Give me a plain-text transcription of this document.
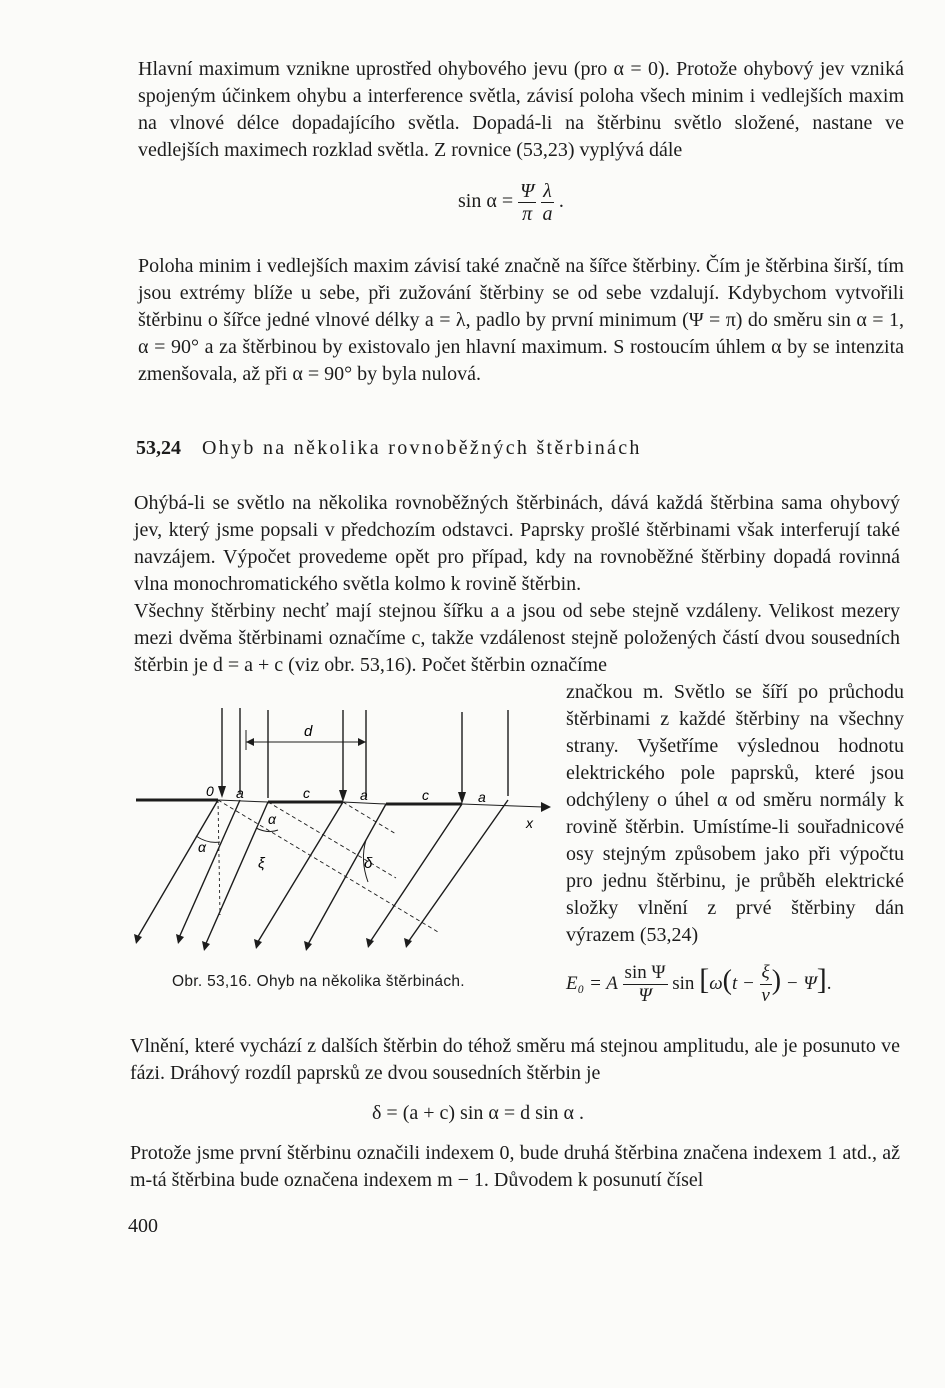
Hlavní maximum vznikne uprostřed ohybového jevu (pro α = 0). Protože ohybový jev vzniká spojeným účinkem ohybu a interference světla, závisí poloha všech minim i vedlejších maxim na vlnové délce dopadajícího světla. Dopadá-li na štěrbinu světlo složené, nastane ve vedlejších maximech rozklad světla. Z rovnice (53,23) vyplývá dále

$\sin \alpha = \frac{\Psi}{\pi}$
$\frac{\lambda}{a}$ .

Poloha minim i vedlejších maxim závisí také značně na šířce štěrbiny. Čím je štěrbina širší, tím jsou extrémy blíže u sebe, při zužování štěrbiny se od sebe vzdalují. Kdybychom vytvořili štěrbinu o šířce jedné vlnové délky a = λ, padlo by první minimum (Ψ = π) do směru sin α = 1, α = 90° a za štěrbinou by existovalo jen hlavní maximum. S rostoucím úhlem α by se intenzita zmenšovala, až při α = 90° by byla nulová.

53,24 Ohyb na několika rovnoběžných štěrbinách

Ohýbá-li se světlo na několika rovnoběžných štěrbinách, dává každá štěrbina sama ohybový jev, který jsme popsali v předchozím odstavci. Paprsky prošlé štěrbinami však interferují také navzájem. Výpočet provedeme opět pro případ, kdy na rovnoběžné štěrbiny dopadá rovinná vlna monochromatického světla kolmo k rovině štěrbin.

Všechny štěrbiny nechť mají stejnou šířku a a jsou od sebe stejně vzdáleny. Velikost mezery mezi dvěma štěrbinami označíme c, takže vzdálenost stejně položených částí dvou sousedních štěrbin je d = a + c (viz obr. 53,16). Počet štěrbin označíme

značkou m. Světlo se šíří po průchodu štěrbinami z každé štěrbiny na všechny strany. Vyšetříme výslednou hodnotu elektrického pole paprsků, které jsou odchýleny o úhel α od směru normály k rovině štěrbin. Umístíme-li souřadnicové osy stejným způsobem jako při výpočtu pro jednu štěrbinu, je průběh elektrické složky vlnění z prvé štěrbiny dán výrazem (53,24)

d
0 a	c	a	c	a
x
α
α
ξ	δ
Obr. 53,16. Ohyb na několika štěrbinách.	E₀ = A $\frac{\text{sin Ψ}}{\Psi}$ $\sin [\omega(t - \frac{\xi}{v}$ ) − Ψ].

Vlnění, které vychází z dalších štěrbin do téhož směru má stejnou amplitudu, ale je posunuto ve fázi. Dráhový rozdíl paprsků ze dvou sousedních štěrbin je

δ = (a + c) sin α = d sin α .

Protože jsme první štěrbinu označili indexem 0, bude druhá štěrbina značena indexem 1 atd., až m-tá štěrbina bude označena indexem m − 1. Důvodem k posunutí čísel

400
